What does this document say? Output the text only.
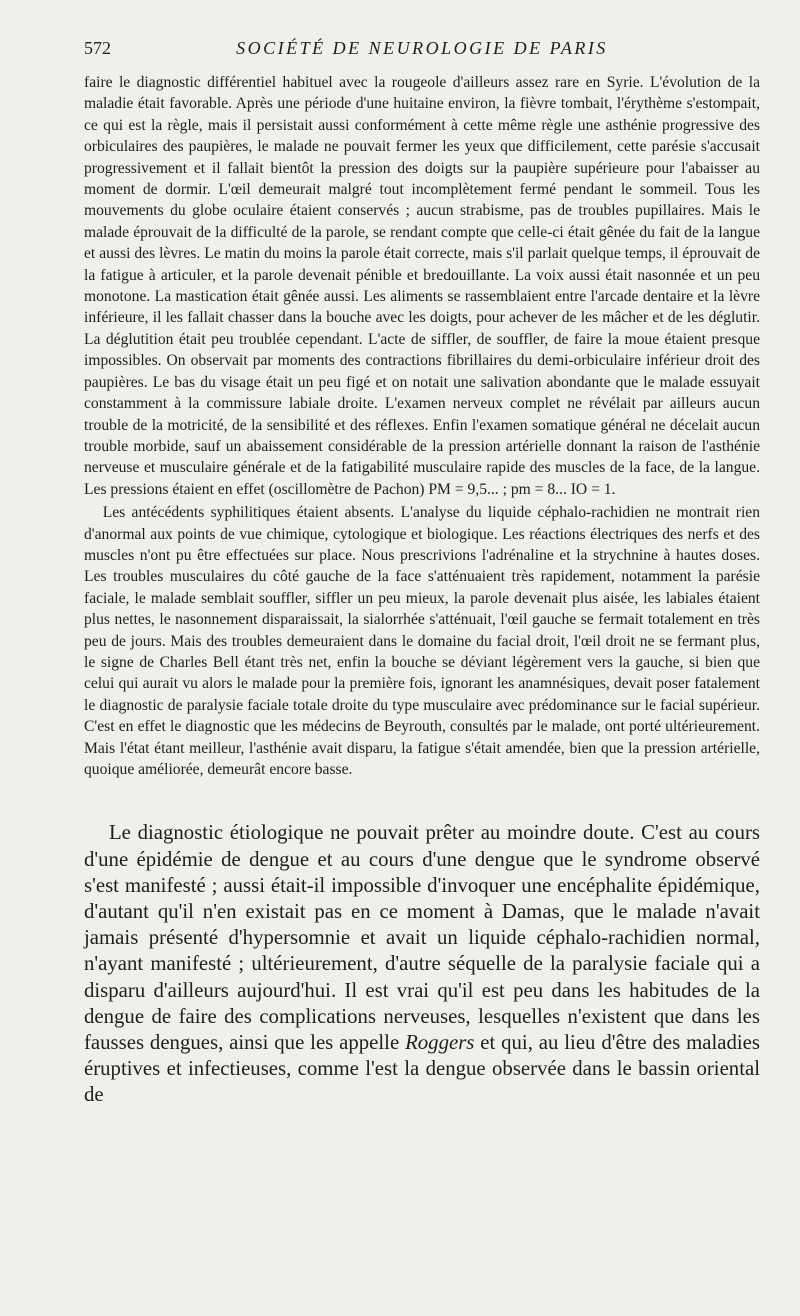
SOCIÉTÉ DE NEUROLOGIE DE PARIS
572

faire le diagnostic différentiel habituel avec la rougeole d'ailleurs assez rare en Syrie. L'évolution de la maladie était favorable. Après une période d'une huitaine environ, la fièvre tombait, l'érythème s'estompait, ce qui est la règle, mais il persistait aussi conformément à cette même règle une asthénie progressive des orbiculaires des paupières, le malade ne pouvait fermer les yeux que difficilement, cette parésie s'accusait progressivement et il fallait bientôt la pression des doigts sur la paupière supérieure pour l'abaisser au moment de dormir. L'œil demeurait malgré tout incomplètement fermé pendant le sommeil. Tous les mouvements du globe oculaire étaient conservés ; aucun strabisme, pas de troubles pupillaires. Mais le malade éprouvait de la difficulté de la parole, se rendant compte que celle-ci était gênée du fait de la langue et aussi des lèvres. Le matin du moins la parole était correcte, mais s'il parlait quelque temps, il éprouvait de la fatigue à articuler, et la parole devenait pénible et bredouillante. La voix aussi était nasonnée et un peu monotone. La mastication était gênée aussi. Les aliments se rassemblaient entre l'arcade dentaire et la lèvre inférieure, il les fallait chasser dans la bouche avec les doigts, pour achever de les mâcher et de les déglutir. La déglutition était peu troublée cependant. L'acte de siffler, de souffler, de faire la moue étaient presque impossibles. On observait par moments des contractions fibrillaires du demi-orbiculaire inférieur droit des paupières. Le bas du visage était un peu figé et on notait une salivation abondante que le malade essuyait constamment à la commissure labiale droite. L'examen nerveux complet ne révélait par ailleurs aucun trouble de la motricité, de la sensibilité et des réflexes. Enfin l'examen somatique général ne décelait aucun trouble morbide, sauf un abaissement considérable de la pression artérielle donnant la raison de l'asthénie nerveuse et musculaire générale et de la fatigabilité musculaire rapide des muscles de la face, de la langue. Les pressions étaient en effet (oscillomètre de Pachon) PM = 9,5... ; pm = 8... IO = 1.

Les antécédents syphilitiques étaient absents. L'analyse du liquide céphalo-rachidien ne montrait rien d'anormal aux points de vue chimique, cytologique et biologique. Les réactions électriques des nerfs et des muscles n'ont pu être effectuées sur place. Nous prescrivions l'adrénaline et la strychnine à hautes doses. Les troubles musculaires du côté gauche de la face s'atténuaient très rapidement, notamment la parésie faciale, le malade semblait souffler, siffler un peu mieux, la parole devenait plus aisée, les labiales étaient plus nettes, le nasonnement disparaissait, la sialorrhée s'atténuait, l'œil gauche se fermait totalement en très peu de jours. Mais des troubles demeuraient dans le domaine du facial droit, l'œil droit ne se fermant plus, le signe de Charles Bell étant très net, enfin la bouche se déviant légèrement vers la gauche, si bien que celui qui aurait vu alors le malade pour la première fois, ignorant les anamnésiques, devait poser fatalement le diagnostic de paralysie faciale totale droite du type musculaire avec prédominance sur le facial supérieur. C'est en effet le diagnostic que les médecins de Beyrouth, consultés par le malade, ont porté ultérieurement. Mais l'état étant meilleur, l'asthénie avait disparu, la fatigue s'était amendée, bien que la pression artérielle, quoique améliorée, demeurât encore basse.

Le diagnostic étiologique ne pouvait prêter au moindre doute. C'est au cours d'une épidémie de dengue et au cours d'une dengue que le syndrome observé s'est manifesté ; aussi était-il impossible d'invoquer une encéphalite épidémique, d'autant qu'il n'en existait pas en ce moment à Damas, que le malade n'avait jamais présenté d'hypersomnie et avait un liquide céphalo-rachidien normal, n'ayant manifesté ; ultérieurement, d'autre séquelle de la paralysie faciale qui a disparu d'ailleurs aujourd'hui. Il est vrai qu'il est peu dans les habitudes de la dengue de faire des complications nerveuses, lesquelles n'existent que dans les fausses dengues, ainsi que les appelle Roggers et qui, au lieu d'être des maladies éruptives et infectieuses, comme l'est la dengue observée dans le bassin oriental de
